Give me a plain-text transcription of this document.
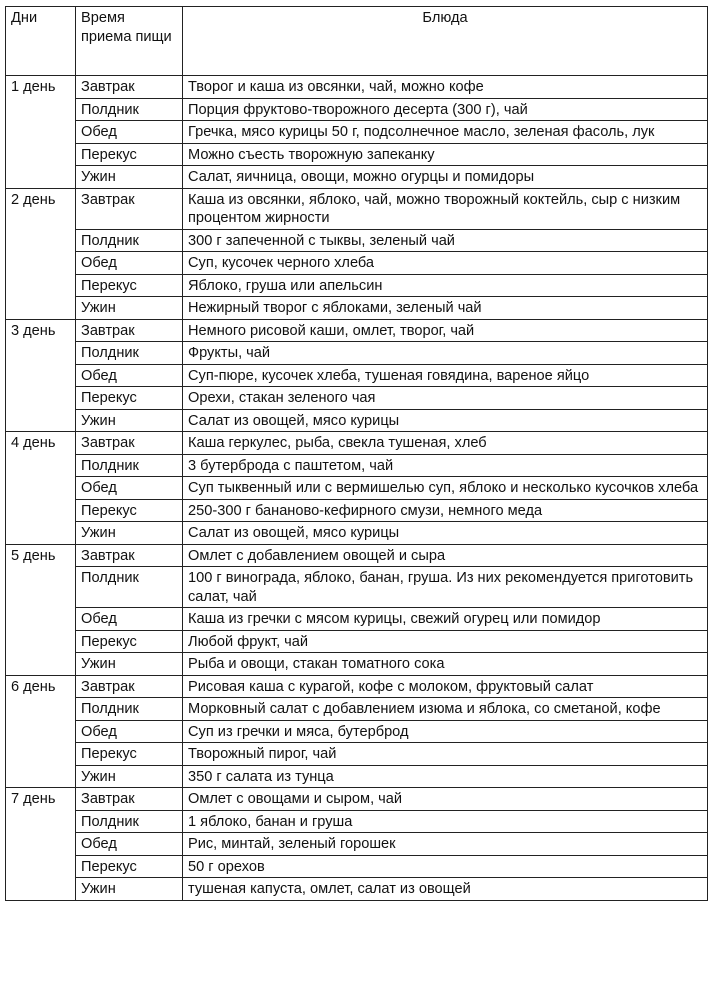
Дни	Время приема пищи	Блюда
1 день	Завтрак	Творог и каша из овсянки, чай, можно кофе
	Полдник	Порция фруктово-творожного десерта (300 г), чай
	Обед	Гречка, мясо курицы 50 г, подсолнечное масло, зеленая фасоль, лук
	Перекус	Можно съесть творожную запеканку
	Ужин	Салат, яичница, овощи, можно огурцы и помидоры
2 день	Завтрак	Каша из овсянки, яблоко, чай, можно творожный коктейль, сыр с низким процентом жирности
	Полдник	300 г запеченной с тыквы, зеленый чай
	Обед	Суп, кусочек черного хлеба
	Перекус	Яблоко, груша или апельсин
	Ужин	Нежирный творог с яблоками, зеленый чай
3 день	Завтрак	Немного рисовой каши, омлет, творог, чай
	Полдник	Фрукты, чай
	Обед	Суп-пюре, кусочек хлеба, тушеная говядина, вареное яйцо
	Перекус	Орехи, стакан зеленого чая
	Ужин	Салат из овощей, мясо курицы
4 день	Завтрак	Каша геркулес, рыба, свекла тушеная, хлеб
	Полдник	3 бутерброда с паштетом, чай
	Обед	Суп тыквенный или с вермишелью суп, яблоко и несколько кусочков хлеба
	Перекус	250-300 г бананово-кефирного смузи, немного меда
	Ужин	Салат из овощей, мясо курицы
5 день	Завтрак	Омлет с добавлением овощей и сыра
	Полдник	100 г винограда, яблоко, банан, груша. Из них рекомендуется приготовить салат, чай
	Обед	Каша из гречки с мясом курицы, свежий огурец или помидор
	Перекус	Любой фрукт, чай
	Ужин	Рыба и овощи, стакан томатного сока
6 день	Завтрак	Рисовая каша с курагой, кофе с молоком, фруктовый салат
	Полдник	Морковный салат с добавлением изюма и яблока, со сметаной, кофе
	Обед	Суп из гречки и мяса, бутерброд
	Перекус	Творожный пирог, чай
	Ужин	350 г салата из тунца
7 день	Завтрак	Омлет с овощами и сыром, чай
	Полдник	1 яблоко, банан и груша
	Обед	Рис, минтай, зеленый горошек
	Перекус	50 г орехов
	Ужин	тушеная капуста, омлет, салат из овощей
